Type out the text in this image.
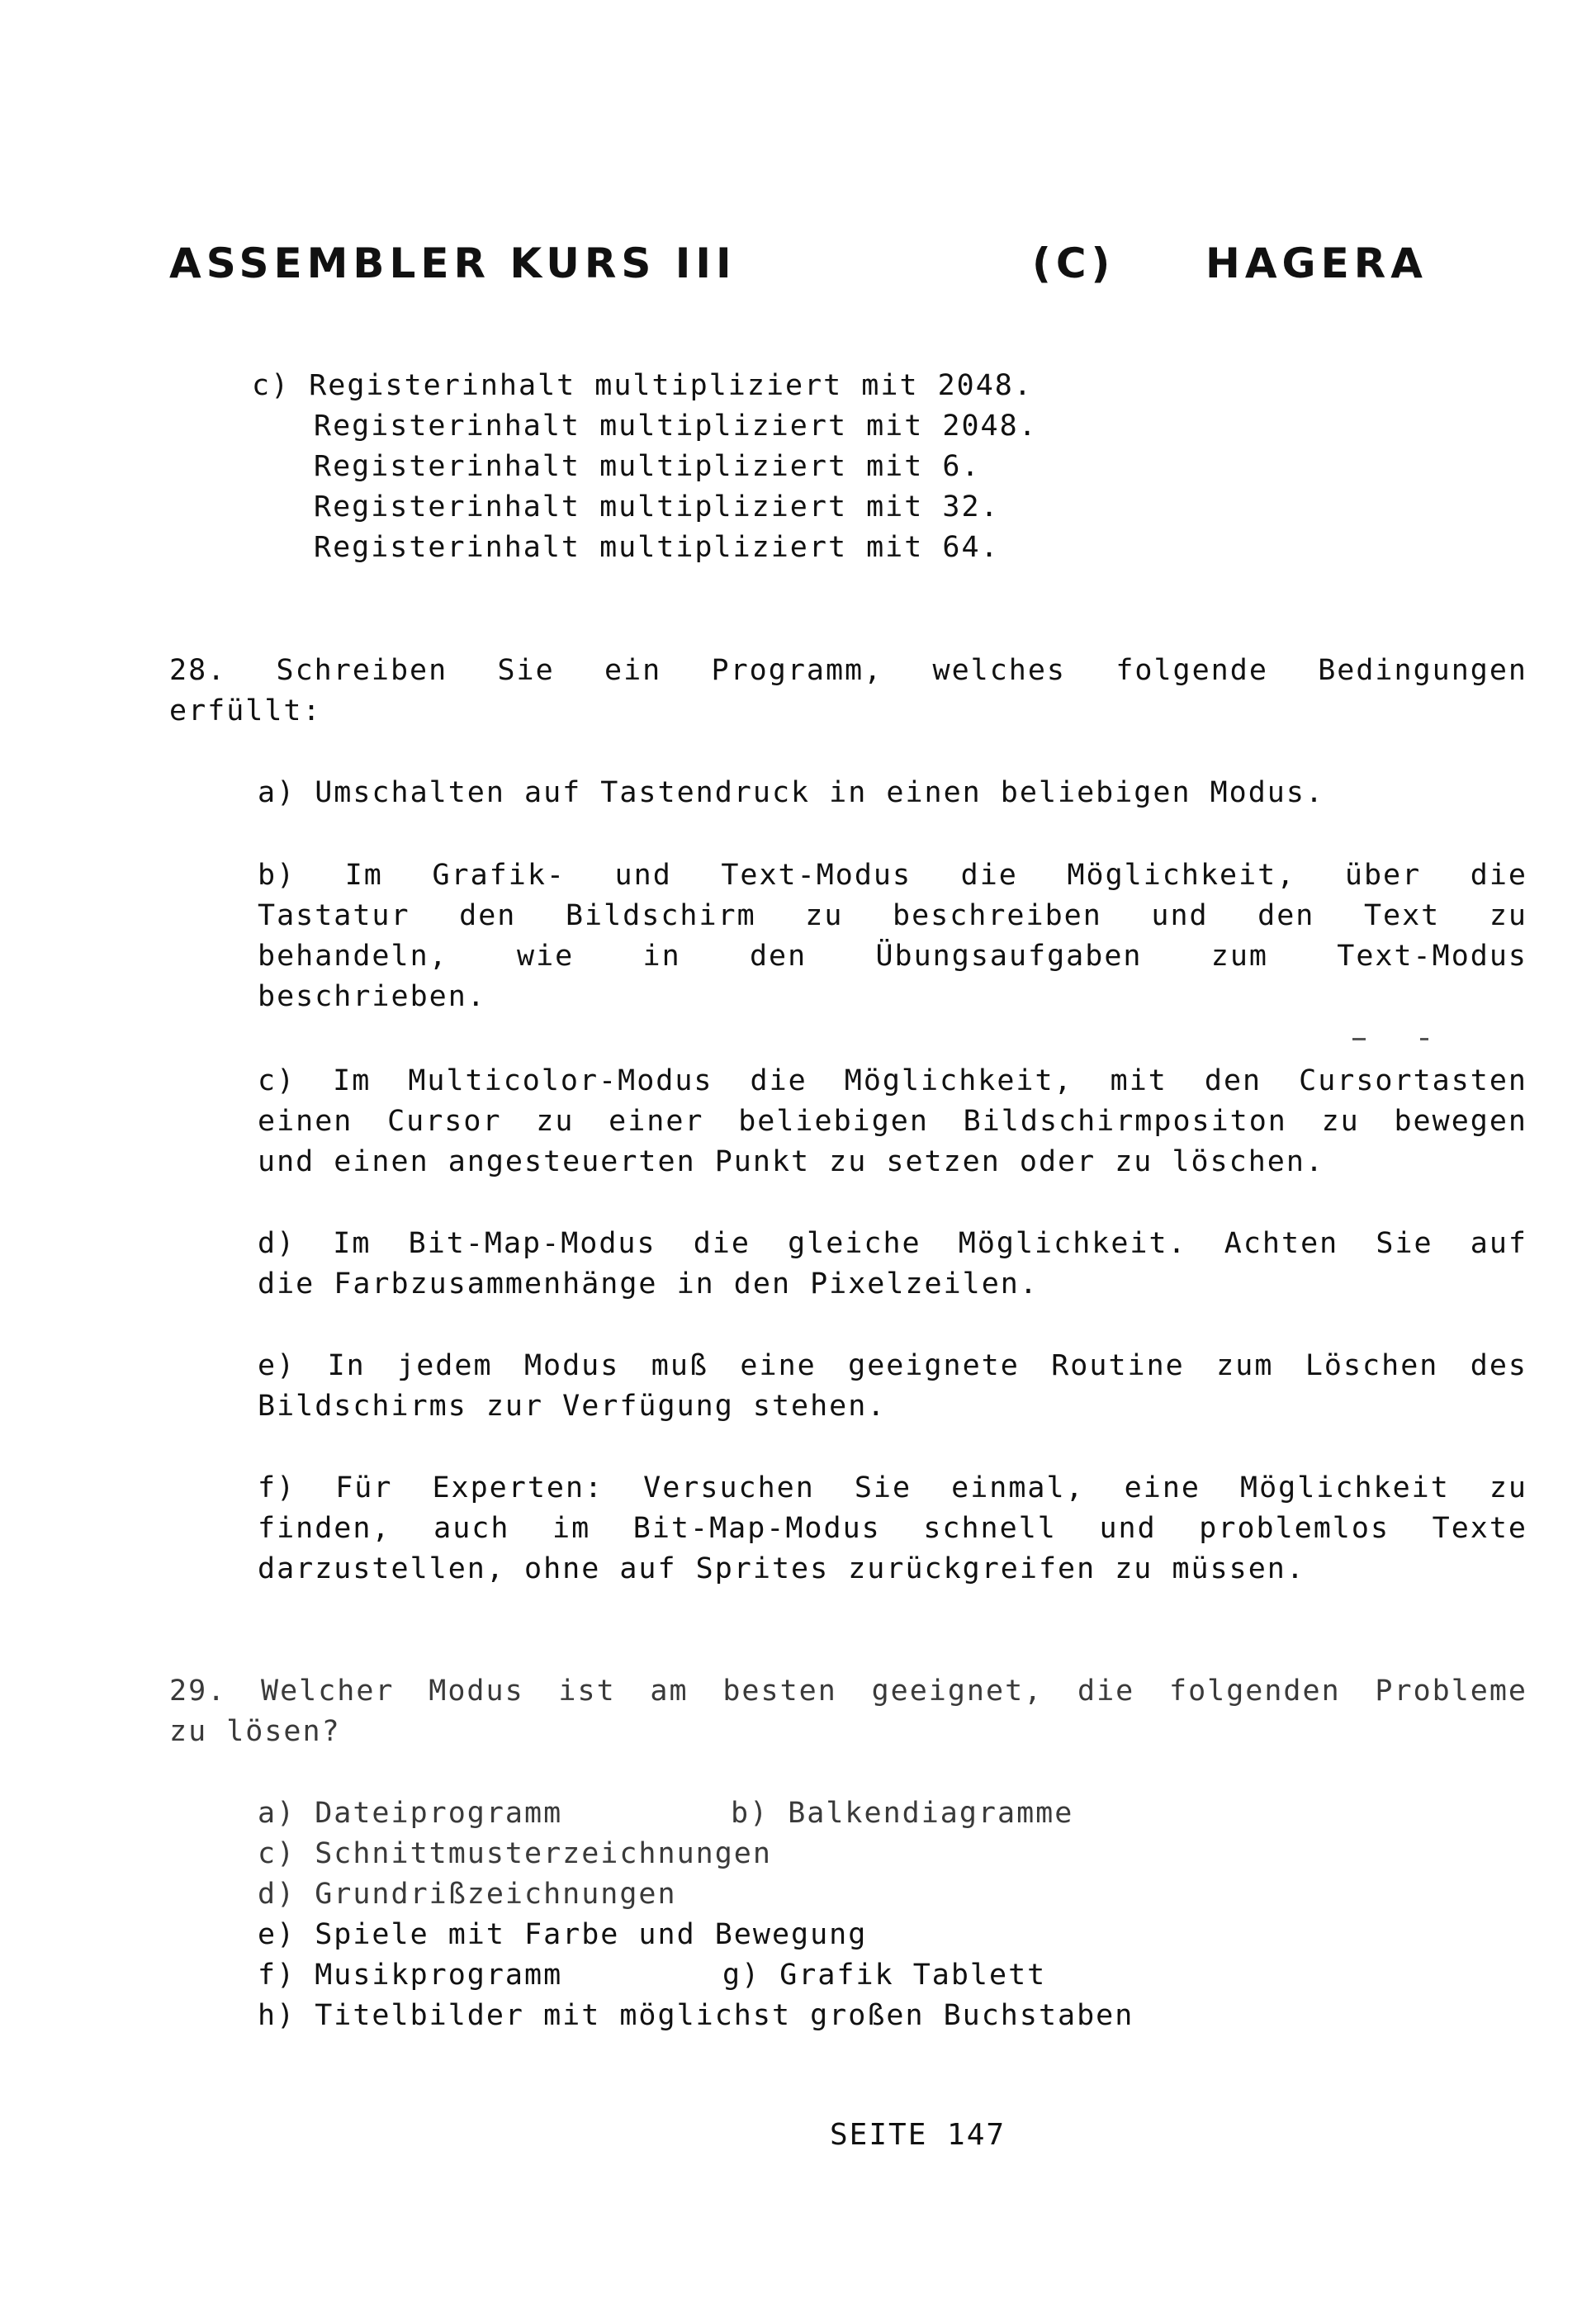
ASSEMBLER KURS III	(C) HAGERA
c) Registerinhalt multipliziert mit 2048.
Registerinhalt multipliziert mit 2048.
Registerinhalt multipliziert mit 6.
Registerinhalt multipliziert mit 32.
Registerinhalt multipliziert mit 64.
28. Schreiben Sie ein Programm, welches folgende Bedingungen
erfüllt:
a) Umschalten auf Tastendruck in einen beliebigen Modus.
b) Im Grafik- und Text-Modus die Möglichkeit, über die
Tastatur den Bildschirm zu beschreiben und den Text zu
behandeln, wie in den Übungsaufgaben zum Text-Modus
beschrieben.
c) Im Multicolor-Modus die Möglichkeit, mit den Cursortasten
einen Cursor zu einer beliebigen Bildschirmpositon zu bewegen
und einen angesteuerten Punkt zu setzen oder zu löschen.
d) Im Bit-Map-Modus die gleiche Möglichkeit. Achten Sie auf
die Farbzusammenhänge in den Pixelzeilen.
e) In jedem Modus muß eine geeignete Routine zum Löschen des
Bildschirms zur Verfügung stehen.
f) Für Experten: Versuchen Sie einmal, eine Möglichkeit zu
finden, auch im Bit-Map-Modus schnell und problemlos Texte
darzustellen, ohne auf Sprites zurückgreifen zu müssen.
29. Welcher Modus ist am besten geeignet, die folgenden Probleme
zu lösen?
a) Dateiprogramm	b) Balkendiagramme
c) Schnittmusterzeichnungen
d) Grundrißzeichnungen
e) Spiele mit Farbe und Bewegung
f) Musikprogramm	g) Grafik Tablett
h) Titelbilder mit möglichst großen Buchstaben
SEITE 147
